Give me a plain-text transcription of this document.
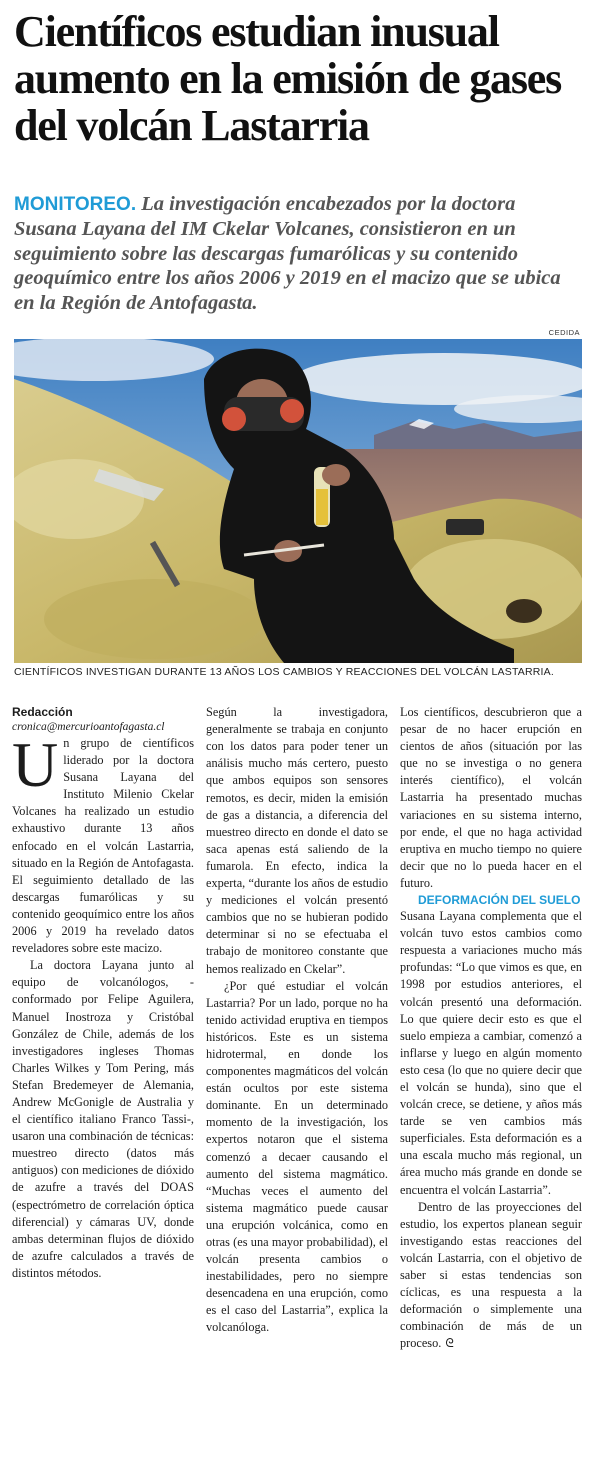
Científicos estudian inusual aumento en la emisión de gases del volcán Lastarria

MONITOREO. La investigación encabezados por la doctora Susana Layana del IM Ckelar Volcanes, consistieron en un seguimiento sobre las descargas fumarólicas y su contenido geoquímico entre los años 2006 y 2019 en el macizo que se ubica en la Región de Antofagasta.

CEDIDA
CIENTÍFICOS INVESTIGAN DURANTE 13 AÑOS LOS CAMBIOS Y REACCIONES DEL VOLCÁN LASTARRIA.

Redacción

cronica@mercurioantofagasta.cl

Un grupo de científicos liderado por la doctora Susana Layana del Instituto Milenio Ckelar Volcanes ha realizado un estudio exhaustivo durante 13 años enfocado en el volcán Lastarria, situado en la Región de Antofagasta. El seguimiento detallado de las descargas fumarólicas y su contenido geoquímico entre los años 2006 y 2019 ha revelado datos reveladores sobre este macizo.

La doctora Layana junto al equipo de volcanólogos, -conformado por Felipe Aguilera, Manuel Inostroza y Cristóbal González de Chile, además de los investigadores ingleses Thomas Charles Wilkes y Tom Pering, más Stefan Bredemeyer de Alemania, Andrew McGonigle de Australia y el científico italiano Franco Tassi-, usaron una combinación de técnicas: muestreo directo (datos más antiguos) con mediciones de dióxido de azufre a través del DOAS (espectrómetro de correlación óptica diferencial) y cámaras UV, donde ambas determinan flujos de dióxido de azufre calculados a través de distintos métodos.

Según la investigadora, generalmente se trabaja en conjunto con los datos para poder tener un análisis mucho más certero, puesto que ambos equipos son sensores remotos, es decir, miden la emisión de gas a distancia, a diferencia del muestreo directo en donde el dato se saca apenas está saliendo de la fumarola. En efecto, indica la experta, “durante los años de estudio y mediciones el volcán presentó cambios que no se hubieran podido determinar si no se efectuaba el trabajo de monitoreo constante que hemos realizado en Ckelar”.

¿Por qué estudiar el volcán Lastarria? Por un lado, porque no ha tenido actividad eruptiva en tiempos históricos. Este es un sistema hidrotermal, en donde los componentes magmáticos del volcán están ocultos por este sistema dominante. En un determinado momento de la investigación, los expertos notaron que el sistema comenzó a decaer causando el aumento del sistema magmático. “Muchas veces el aumento del sistema magmático puede causar una erupción volcánica, como en otras (es una mayor probabilidad), el volcán presenta cambios o inestabilidades, pero no siempre desencadena en una erupción, como es el caso del Lastarria”, explica la volcanóloga.

Los científicos, descubrieron que a pesar de no hacer erupción en cientos de años (situación por las que no se investiga o no genera interés científico), el volcán Lastarria ha presentado muchas variaciones en su sistema interno, por ende, el que no haga actividad eruptiva en mucho tiempo no quiere decir que no lo pueda hacer en el futuro.

DEFORMACIÓN DEL SUELO

Susana Layana complementa que el volcán tuvo estos cambios como respuesta a variaciones mucho más profundas: “Lo que vimos es que, en 1998 por estudios anteriores, el volcán presentó una deformación. Lo que quiere decir esto es que el suelo empieza a cambiar, comenzó a inflarse y luego en algún momento esto cesa (lo que no quiere decir que el volcán se hunda), sino que el volcán crece, se detiene, y años más tarde se ven cambios más superficiales. Esta deformación es a una escala mucho más regional, un área mucho más grande en donde se encuentra el volcán Lastarria”.

Dentro de las proyecciones del estudio, los expertos planean seguir investigando estas reacciones del volcán Lastarria, con el objetivo de saber si estas tendencias son cíclicas, es una respuesta a la deformación o simplemente una combinación de más de un proceso. ᘓ
